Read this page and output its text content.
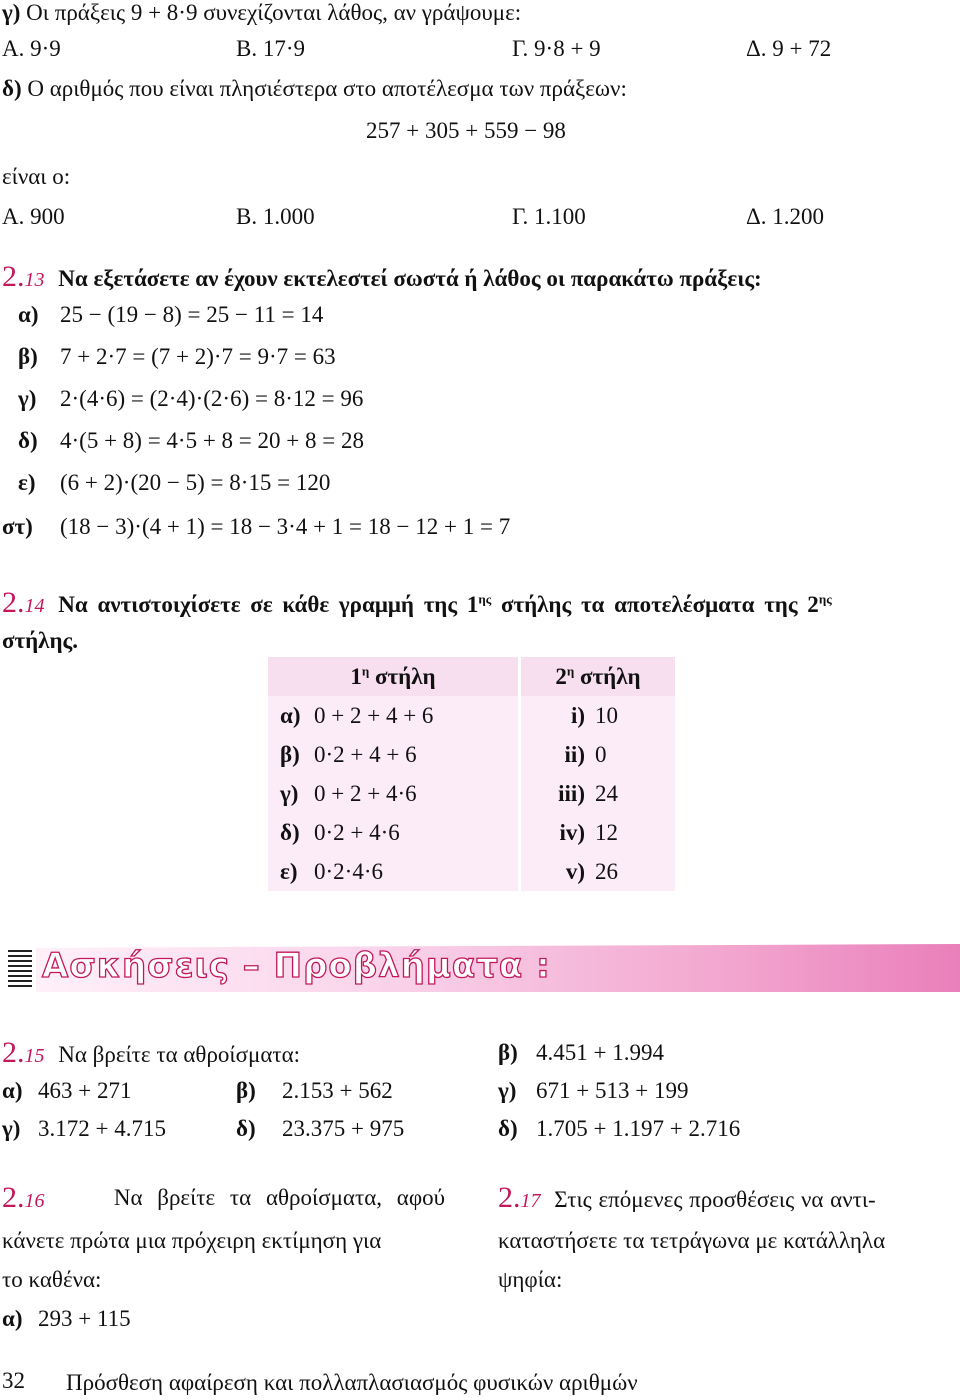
γ) Οι πράξεις 9 + 8·9 συνεχίζονται λάθος, αν γράψουμε:
Α. 9·9	Β. 17·9	Γ. 9·8 + 9	Δ. 9 + 72
δ) Ο αριθμός που είναι πλησιέστερα στο αποτέλεσμα των πράξεων:
257 + 305 + 559 − 98
είναι ο:
Α. 900	Β. 1.000	Γ. 1.100	Δ. 1.200
2.13 Να εξετάσετε αν έχουν εκτελεστεί σωστά ή λάθος οι παρακάτω πράξεις:
α) 25 − (19 − 8) = 25 − 11 = 14
β) 7 + 2·7 = (7 + 2)·7 = 9·7 = 63
γ) 2·(4·6) = (2·4)·(2·6) = 8·12 = 96
δ) 4·(5 + 8) = 4·5 + 8 = 20 + 8 = 28
ε) (6 + 2)·(20 − 5) = 8·15 = 120
στ) (18 − 3)·(4 + 1) = 18 − 3·4 + 1 = 18 − 12 + 1 = 7
2.14 Να αντιστοιχίσετε σε κάθε γραμμή της $1^{\eta\varsigma}$ στήλης τα αποτελέσματα της $2^{\eta\varsigma}$
στήλης.
$1^\eta$ στήλη	$2^\eta$ στήλη
α) 0 + 2 + 4 + 6	i) 10
β) 0·2 + 4 + 6	ii) 0
γ) 0 + 2 + 4·6	iii) 24
δ) 0·2 + 4·6	iv) 12
ε) 0·2·4·6	v) 26
Ασκήσεις – Προβλήματα :
2.15 Να βρείτε τα αθροίσματα:
α) 463 + 271	β) 2.153 + 562
γ) 3.172 + 4.715	δ) 23.375 + 975
β) 4.451 + 1.994
γ) 671 + 513 + 199
δ) 1.705 + 1.197 + 2.716
2.16	Να βρείτε τα αθροίσματα, αφού
κάνετε πρώτα μια πρόχειρη εκτίμηση για
το καθένα:
α) 293 + 115
2.17 Στις επόμενες προσθέσεις να αντι-
καταστήσετε τα τετράγωνα με κατάλληλα
ψηφία:
32 Πρόσθεση αφαίρεση και πολλαπλασιασμός φυσικών αριθμών
